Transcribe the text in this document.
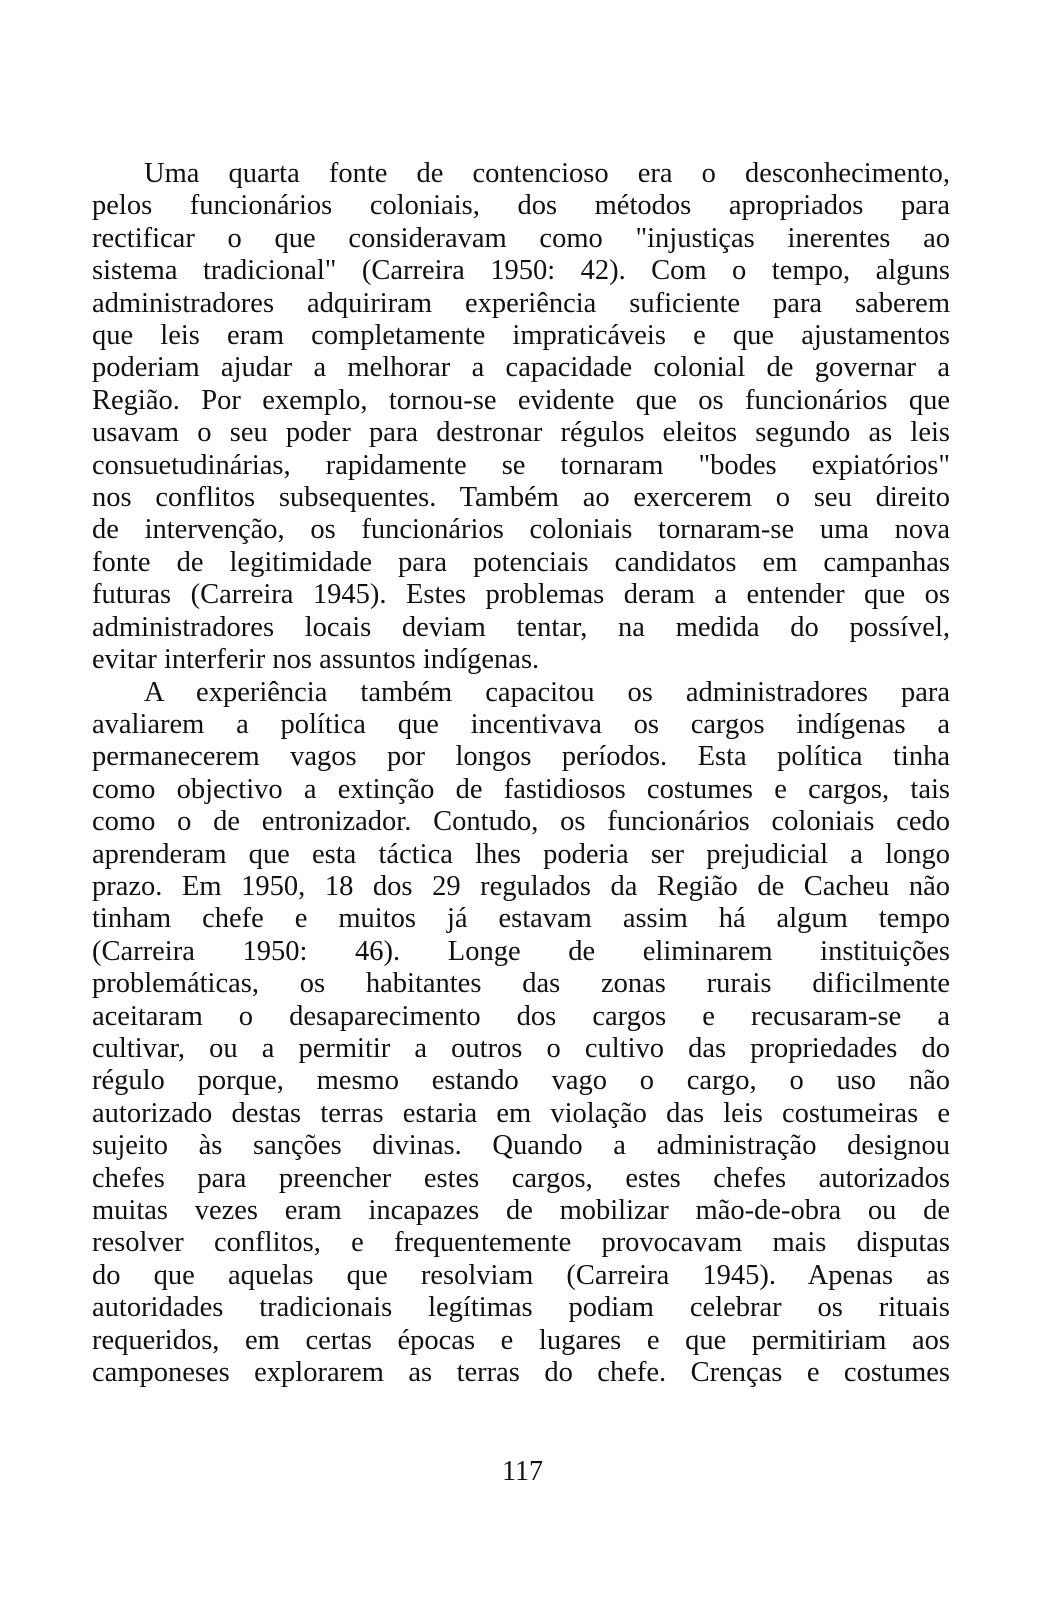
Uma quarta fonte de contencioso era o desconhecimento,
pelos funcionários coloniais, dos métodos apropriados para
rectificar o que consideravam como "injustiças inerentes ao
sistema tradicional" (Carreira 1950: 42). Com o tempo, alguns
administradores adquiriram experiência suficiente para saberem
que leis eram completamente impraticáveis e que ajustamentos
poderiam ajudar a melhorar a capacidade colonial de governar a
Região. Por exemplo, tornou-se evidente que os funcionários que
usavam o seu poder para destronar régulos eleitos segundo as leis
consuetudinárias, rapidamente se tornaram "bodes expiatórios"
nos conflitos subsequentes. Também ao exercerem o seu direito
de intervenção, os funcionários coloniais tornaram-se uma nova
fonte de legitimidade para potenciais candidatos em campanhas
futuras (Carreira 1945). Estes problemas deram a entender que os
administradores locais deviam tentar, na medida do possível,
evitar interferir nos assuntos indígenas.
A experiência também capacitou os administradores para
avaliarem a política que incentivava os cargos indígenas a
permanecerem vagos por longos períodos. Esta política tinha
como objectivo a extinção de fastidiosos costumes e cargos, tais
como o de entronizador. Contudo, os funcionários coloniais cedo
aprenderam que esta táctica lhes poderia ser prejudicial a longo
prazo. Em 1950, 18 dos 29 regulados da Região de Cacheu não
tinham chefe e muitos já estavam assim há algum tempo
(Carreira 1950: 46). Longe de eliminarem instituições
problemáticas, os habitantes das zonas rurais dificilmente
aceitaram o desaparecimento dos cargos e recusaram-se a
cultivar, ou a permitir a outros o cultivo das propriedades do
régulo porque, mesmo estando vago o cargo, o uso não
autorizado destas terras estaria em violação das leis costumeiras e
sujeito às sanções divinas. Quando a administração designou
chefes para preencher estes cargos, estes chefes autorizados
muitas vezes eram incapazes de mobilizar mão-de-obra ou de
resolver conflitos, e frequentemente provocavam mais disputas
do que aquelas que resolviam (Carreira 1945). Apenas as
autoridades tradicionais legítimas podiam celebrar os rituais
requeridos, em certas épocas e lugares e que permitiriam aos
camponeses explorarem as terras do chefe. Crenças e costumes
117
